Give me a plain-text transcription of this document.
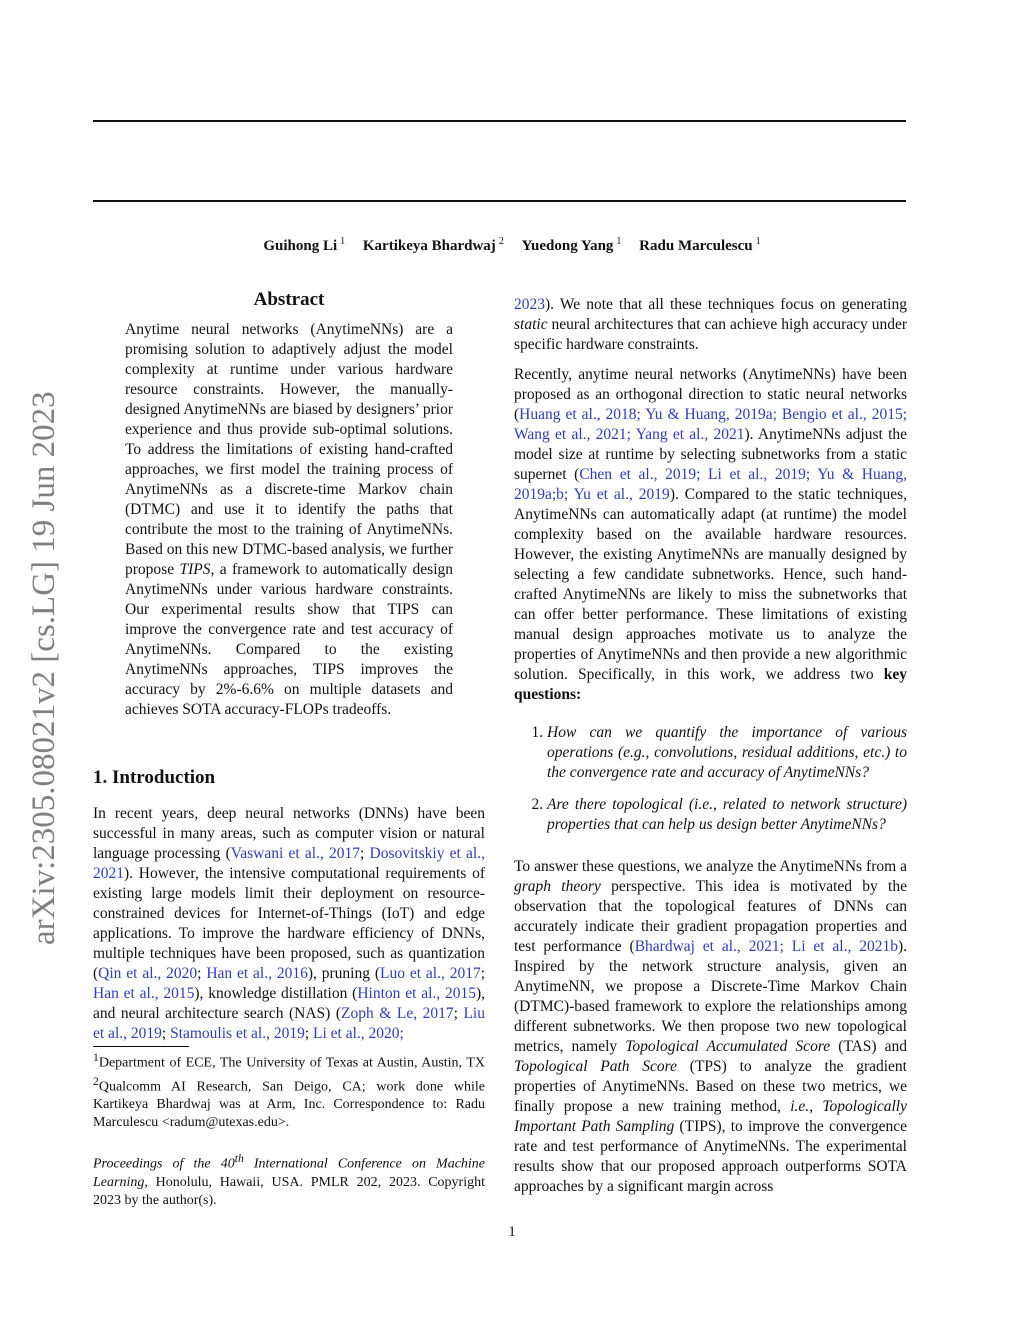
Guihong Li $^1$ Kartikeya Bhardwaj $^2$ Yuedong Yang $^1$ Radu Marculescu $^1$
arXiv:2305.08021v2 [cs.LG] 19 Jun 2023
Abstract

Anytime neural networks (AnytimeNNs) are a promising solution to adaptively adjust the model complexity at runtime under various hardware resource constraints. However, the manually-designed AnytimeNNs are biased by designers’ prior experience and thus provide sub-optimal solutions. To address the limitations of existing hand-crafted approaches, we first model the training process of AnytimeNNs as a discrete-time Markov chain (DTMC) and use it to identify the paths that contribute the most to the training of AnytimeNNs. Based on this new DTMC-based analysis, we further propose TIPS, a framework to automatically design AnytimeNNs under various hardware constraints. Our experimental results show that TIPS can improve the convergence rate and test accuracy of AnytimeNNs. Compared to the existing AnytimeNNs approaches, TIPS improves the accuracy by 2%-6.6% on multiple datasets and achieves SOTA accuracy-FLOPs tradeoffs.

1. Introduction

In recent years, deep neural networks (DNNs) have been successful in many areas, such as computer vision or natural language processing (Vaswani et al., 2017; Dosovitskiy et al., 2021). However, the intensive computational requirements of existing large models limit their deployment on resource-constrained devices for Internet-of-Things (IoT) and edge applications. To improve the hardware efficiency of DNNs, multiple techniques have been proposed, such as quantization (Qin et al., 2020; Han et al., 2016), pruning (Luo et al., 2017; Han et al., 2015), knowledge distillation (Hinton et al., 2015), and neural architecture search (NAS) (Zoph & Le, 2017; Liu et al., 2019; Stamoulis et al., 2019; Li et al., 2020;

$^1$Department of ECE, The University of Texas at Austin, Austin, TX $^2$Qualcomm AI Research, San Deigo, CA; work done while Kartikeya Bhardwaj was at Arm, Inc. Correspondence to: Radu Marculescu <radum@utexas.edu>.

Proceedings of the 40th International Conference on Machine Learning, Honolulu, Hawaii, USA. PMLR 202, 2023. Copyright 2023 by the author(s).

2023). We note that all these techniques focus on generating static neural architectures that can achieve high accuracy under specific hardware constraints.

Recently, anytime neural networks (AnytimeNNs) have been proposed as an orthogonal direction to static neural networks (Huang et al., 2018; Yu & Huang, 2019a; Bengio et al., 2015; Wang et al., 2021; Yang et al., 2021). AnytimeNNs adjust the model size at runtime by selecting subnetworks from a static supernet (Chen et al., 2019; Li et al., 2019; Yu & Huang, 2019a;b; Yu et al., 2019). Compared to the static techniques, AnytimeNNs can automatically adapt (at runtime) the model complexity based on the available hardware resources. However, the existing AnytimeNNs are manually designed by selecting a few candidate subnetworks. Hence, such hand-crafted AnytimeNNs are likely to miss the subnetworks that can offer better performance. These limitations of existing manual design approaches motivate us to analyze the properties of AnytimeNNs and then provide a new algorithmic solution. Specifically, in this work, we address two key questions:

1. How can we quantify the importance of various operations (e.g., convolutions, residual additions, etc.) to the convergence rate and accuracy of AnytimeNNs?
2. Are there topological (i.e., related to network structure) properties that can help us design better AnytimeNNs?

To answer these questions, we analyze the AnytimeNNs from a graph theory perspective. This idea is motivated by the observation that the topological features of DNNs can accurately indicate their gradient propagation properties and test performance (Bhardwaj et al., 2021; Li et al., 2021b). Inspired by the network structure analysis, given an AnytimeNN, we propose a Discrete-Time Markov Chain (DTMC)-based framework to explore the relationships among different subnetworks. We then propose two new topological metrics, namely Topological Accumulated Score (TAS) and Topological Path Score (TPS) to analyze the gradient properties of AnytimeNNs. Based on these two metrics, we finally propose a new training method, i.e., Topologically Important Path Sampling (TIPS), to improve the convergence rate and test performance of AnytimeNNs. The experimental results show that our proposed approach outperforms SOTA approaches by a significant margin across

1
